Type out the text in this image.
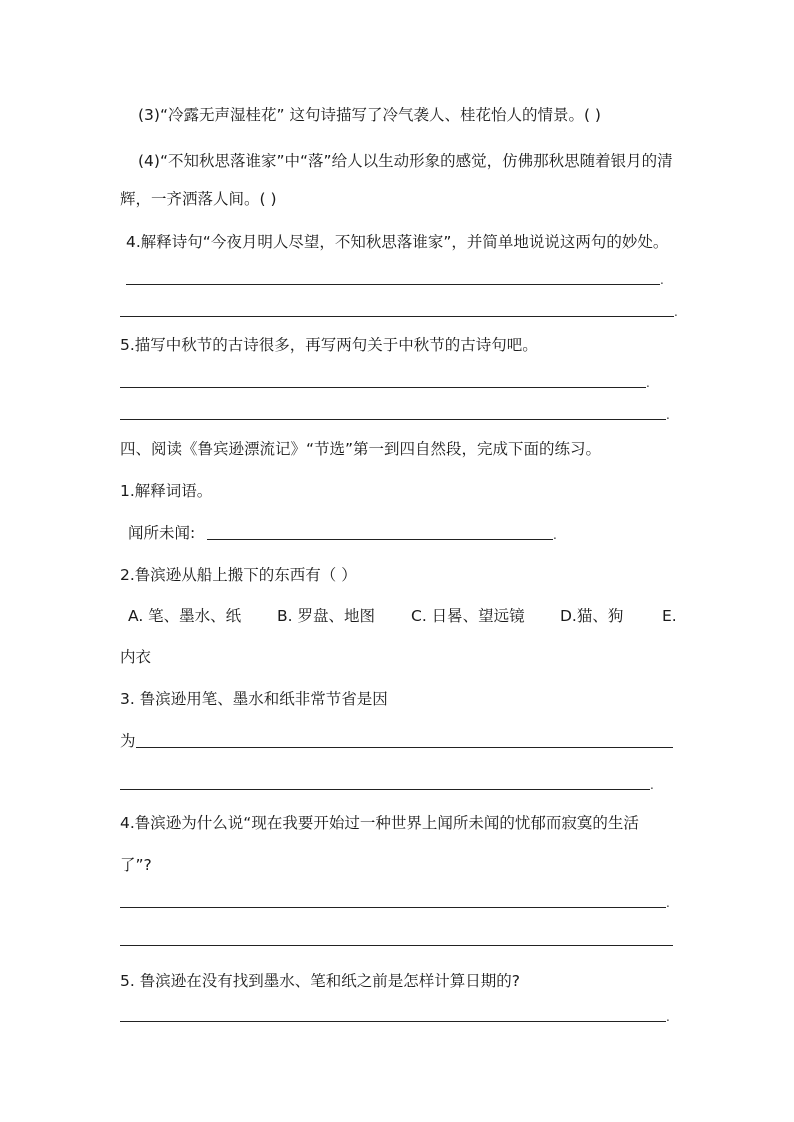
(3)“冷露无声湿桂花” 这句诗描写了冷气袭人、桂花怡人的情景。( )
(4)“不知秋思落谁家”中“落”给人以生动形象的感觉，仿佛那秋思随着银月的清
辉，一齐洒落人间。( )
4.解释诗句“今夜月明人尽望，不知秋思落谁家”，并简单地说说这两句的妙处。
.
.
5.描写中秋节的古诗很多，再写两句关于中秋节的古诗句吧。
.
.
四、阅读《鲁宾逊漂流记》“节选”第一到四自然段，完成下面的练习。
1.解释词语。
闻所未闻:	.
2.鲁滨逊从船上搬下的东西有（ ）
A. 笔、墨水、纸 B. 罗盘、地图 C. 日晷、望远镜 D.猫、狗 E.
内衣
3. 鲁滨逊用笔、墨水和纸非常节省是因
为
.
4.鲁滨逊为什么说“现在我要开始过一种世界上闻所未闻的忧郁而寂寞的生活
了”?
.
5. 鲁滨逊在没有找到墨水、笔和纸之前是怎样计算日期的?
.
